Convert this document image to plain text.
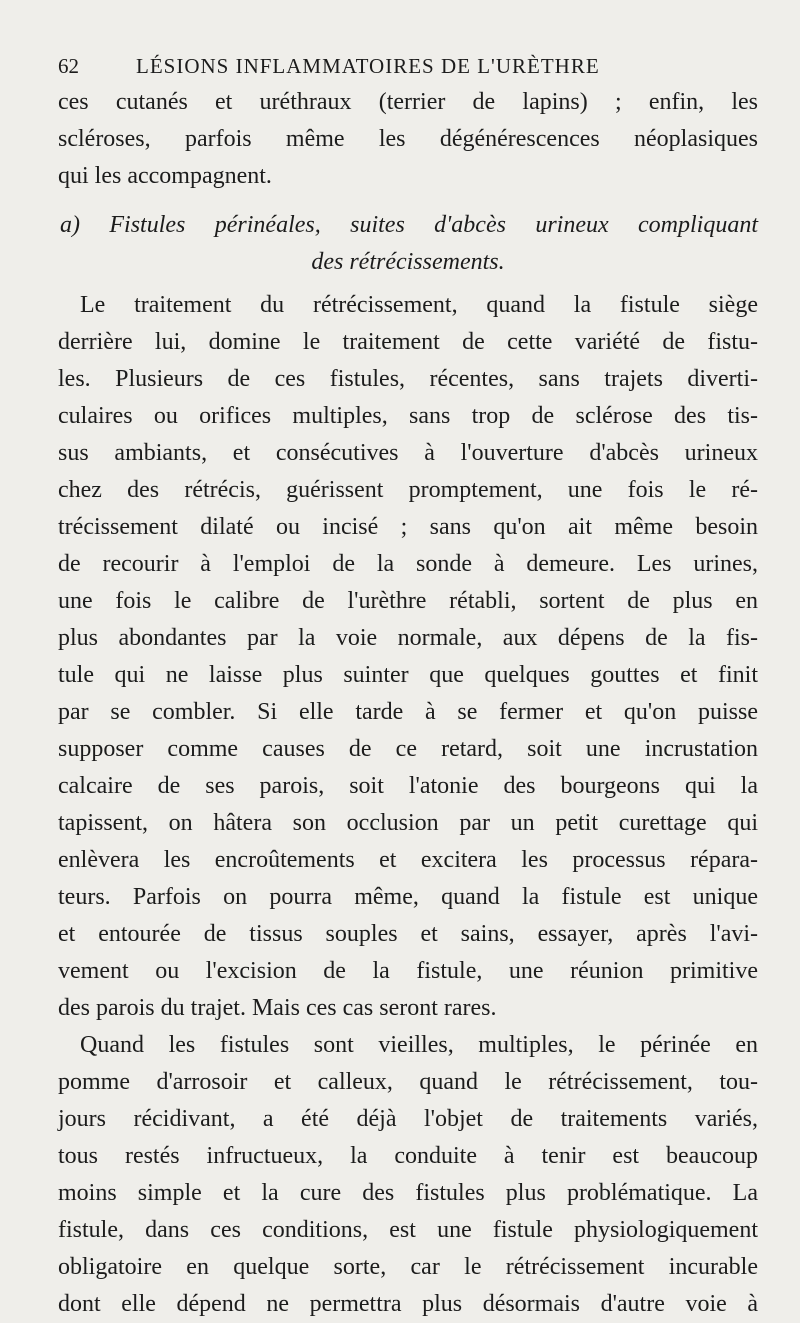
62	LÉSIONS INFLAMMATOIRES DE L'URÈTHRE
ces cutanés et uréthraux (terrier de lapins) ; enfin, les
scléroses, parfois même les dégénérescences néoplasiques
qui les accompagnent.
a) Fistules périnéales, suites d'abcès urineux compliquant
des rétrécissements.
Le traitement du rétrécissement, quand la fistule siège
derrière lui, domine le traitement de cette variété de fistu-
les. Plusieurs de ces fistules, récentes, sans trajets diverti-
culaires ou orifices multiples, sans trop de sclérose des tis-
sus ambiants, et consécutives à l'ouverture d'abcès urineux
chez des rétrécis, guérissent promptement, une fois le ré-
trécissement dilaté ou incisé ; sans qu'on ait même besoin
de recourir à l'emploi de la sonde à demeure. Les urines,
une fois le calibre de l'urèthre rétabli, sortent de plus en
plus abondantes par la voie normale, aux dépens de la fis-
tule qui ne laisse plus suinter que quelques gouttes et finit
par se combler. Si elle tarde à se fermer et qu'on puisse
supposer comme causes de ce retard, soit une incrustation
calcaire de ses parois, soit l'atonie des bourgeons qui la
tapissent, on hâtera son occlusion par un petit curettage qui
enlèvera les encroûtements et excitera les processus répara-
teurs. Parfois on pourra même, quand la fistule est unique
et entourée de tissus souples et sains, essayer, après l'avi-
vement ou l'excision de la fistule, une réunion primitive
des parois du trajet. Mais ces cas seront rares.
Quand les fistules sont vieilles, multiples, le périnée en
pomme d'arrosoir et calleux, quand le rétrécissement, tou-
jours récidivant, a été déjà l'objet de traitements variés,
tous restés infructueux, la conduite à tenir est beaucoup
moins simple et la cure des fistules plus problématique. La
fistule, dans ces conditions, est une fistule physiologiquement
obligatoire en quelque sorte, car le rétrécissement incurable
dont elle dépend ne permettra plus désormais d'autre voie à
